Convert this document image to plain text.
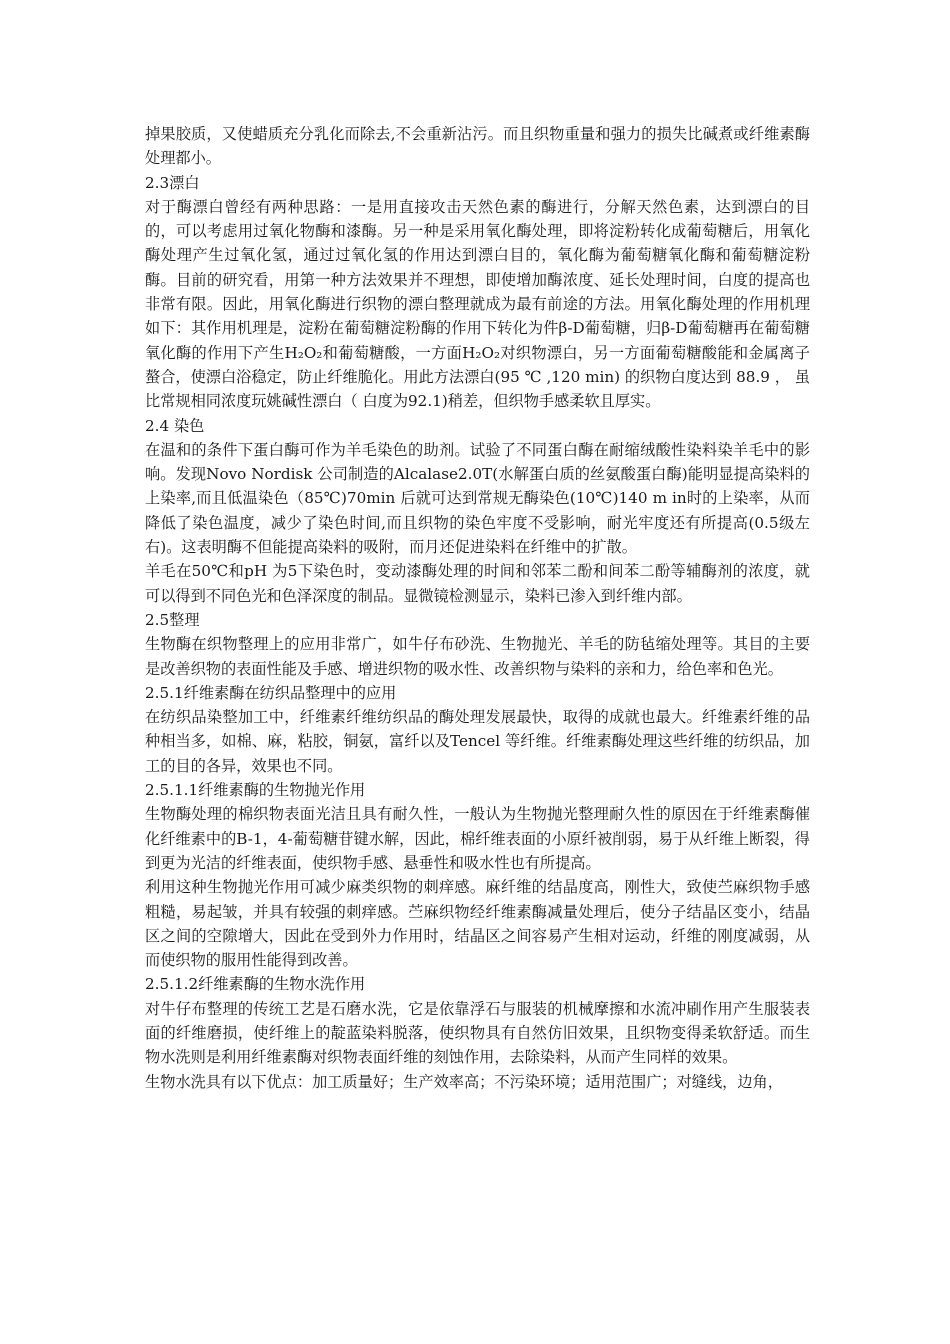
掉果胶质，又使蜡质充分乳化而除去,不会重新沾污。而且织物重量和强力的损失比碱煮或纤维素酶处理都小。

2.3漂白

对于酶漂白曾经有两种思路：一是用直接攻击天然色素的酶进行，分解天然色素，达到漂白的目的，可以考虑用过氧化物酶和漆酶。另一种是采用氧化酶处理，即将淀粉转化成葡萄糖后，用氧化酶处理产生过氧化氢，通过过氧化氢的作用达到漂白目的，氧化酶为葡萄糖氧化酶和葡萄糖淀粉酶。目前的研究看，用第一种方法效果并不理想，即使增加酶浓度、延长处理时间，白度的提高也非常有限。因此，用氧化酶进行织物的漂白整理就成为最有前途的方法。用氧化酶处理的作用机理如下：其作用机理是，淀粉在葡萄糖淀粉酶的作用下转化为件β-D葡萄糖，归β-D葡萄糖再在葡萄糖氧化酶的作用下产生H₂O₂和葡萄糖酸，一方面H₂O₂对织物漂白，另一方面葡萄糖酸能和金属离子螯合，使漂白浴稳定，防止纤维脆化。用此方法漂白(95 ℃ ,120 min) 的织物白度达到 88.9 ， 虽比常规相同浓度玩姚碱性漂白（ 白度为92.1)稍差，但织物手感柔软且厚实。

2.4 染色

在温和的条件下蛋白酶可作为羊毛染色的助剂。试验了不同蛋白酶在耐缩绒酸性染料染羊毛中的影响。发现Novo Nordisk 公司制造的Alcalase2.0T(水解蛋白质的丝氨酸蛋白酶)能明显提高染料的上染率,而且低温染色（85℃)70min 后就可达到常规无酶染色(10℃)140 m in时的上染率，从而降低了染色温度，减少了染色时间,而且织物的染色牢度不受影响，耐光牢度还有所提高(0.5级左右)。这表明酶不但能提高染料的吸附，而月还促进染料在纤维中的扩散。

羊毛在50℃和pH 为5下染色时，变动漆酶处理的时间和邻苯二酚和间苯二酚等辅酶剂的浓度，就可以得到不同色光和色泽深度的制品。显微镜检测显示，染料已渗入到纤维内部。

2.5整理

生物酶在织物整理上的应用非常广，如牛仔布砂洗、生物抛光、羊毛的防毡缩处理等。其目的主要是改善织物的表面性能及手感、增进织物的吸水性、改善织物与染料的亲和力，给色率和色光。

2.5.1纤维素酶在纺织品整理中的应用

在纺织品染整加工中，纤维素纤维纺织品的酶处理发展最快，取得的成就也最大。纤维素纤维的品种相当多，如棉、麻，粘胶，铜氨，富纤以及Tencel 等纤维。纤维素酶处理这些纤维的纺织品，加工的目的各异，效果也不同。

2.5.1.1纤维素酶的生物抛光作用

生物酶处理的棉织物表面光洁且具有耐久性，一般认为生物抛光整理耐久性的原因在于纤维素酶催化纤维素中的B-1，4-葡萄糖苷键水解，因此，棉纤维表面的小原纤被削弱，易于从纤维上断裂，得到更为光洁的纤维表面，使织物手感、悬垂性和吸水性也有所提高。

利用这种生物抛光作用可减少麻类织物的刺痒感。麻纤维的结晶度高，刚性大，致使苎麻织物手感粗糙，易起皱，并具有较强的刺痒感。苎麻织物经纤维素酶减量处理后，使分子结晶区变小，结晶区之间的空隙增大，因此在受到外力作用时，结晶区之间容易产生相对运动，纤维的刚度减弱，从而使织物的服用性能得到改善。

2.5.1.2纤维素酶的生物水洗作用

对牛仔布整理的传统工艺是石磨水洗，它是依靠浮石与服装的机械摩擦和水流冲刷作用产生服装表面的纤维磨损，使纤维上的靛蓝染料脱落，使织物具有自然仿旧效果，且织物变得柔软舒适。而生物水洗则是利用纤维素酶对织物表面纤维的刻蚀作用，去除染料，从而产生同样的效果。

生物水洗具有以下优点：加工质量好；生产效率高；不污染环境；适用范围广；对缝线，边角，
